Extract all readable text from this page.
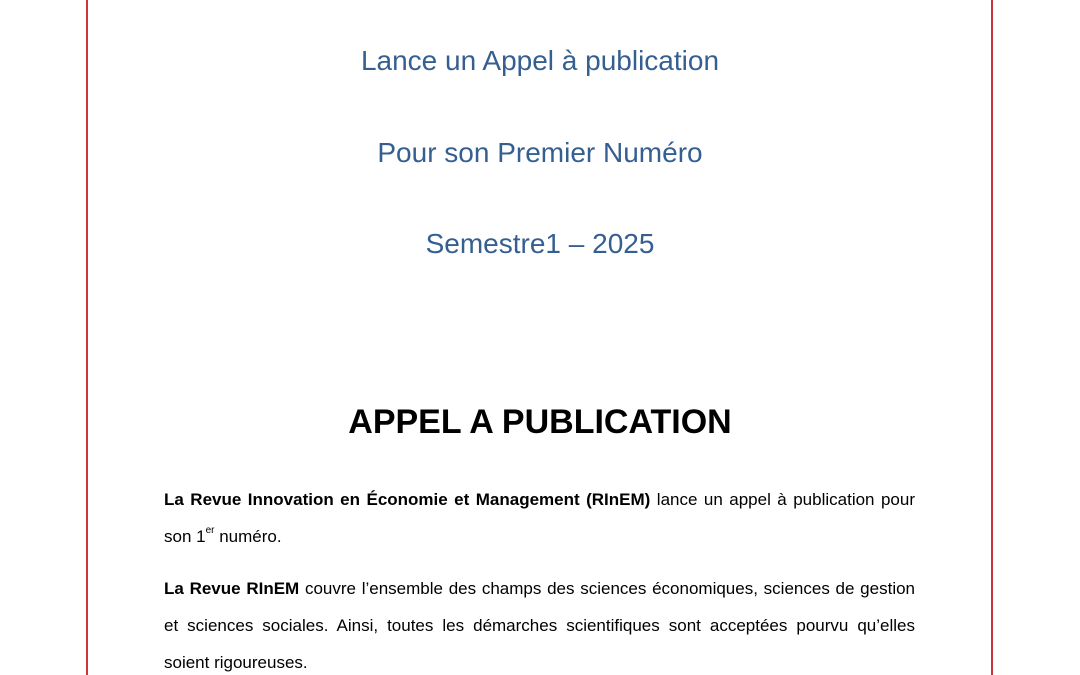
Lance un Appel à publication
Pour son Premier Numéro
Semestre1 – 2025
APPEL A PUBLICATION
La Revue Innovation en Économie et Management (RInEM) lance un appel à publication pour son 1er numéro.
La Revue RInEM couvre l’ensemble des champs des sciences économiques, sciences de gestion et sciences sociales. Ainsi, toutes les démarches scientifiques sont acceptées pourvu qu’elles soient rigoureuses.
